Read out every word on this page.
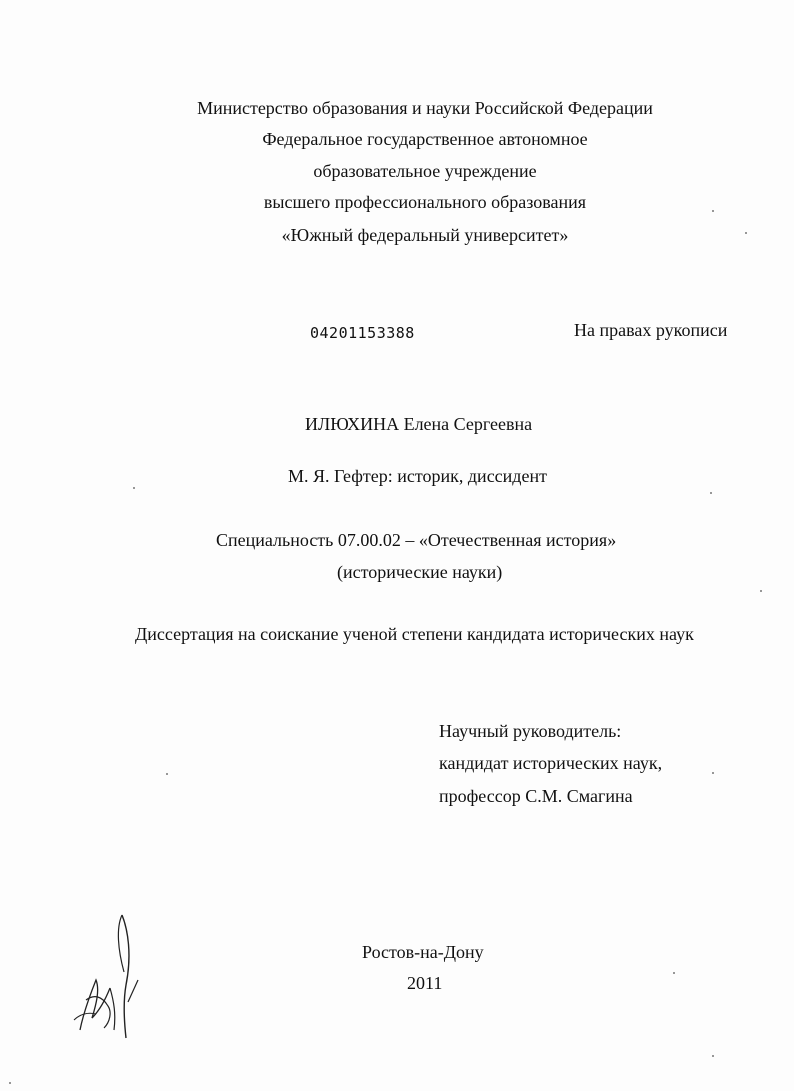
Министерство образования и науки Российской Федерации
Федеральное государственное автономное
образовательное учреждение
высшего профессионального образования
«Южный федеральный университет»
04201153388	На правах рукописи
ИЛЮХИНА Елена Сергеевна
М. Я. Гефтер: историк, диссидент
Специальность 07.00.02 – «Отечественная история»
(исторические науки)
Диссертация на соискание ученой степени кандидата исторических наук
Научный руководитель:
кандидат исторических наук,
профессор С.М. Смагина
Ростов-на-Дону
2011
